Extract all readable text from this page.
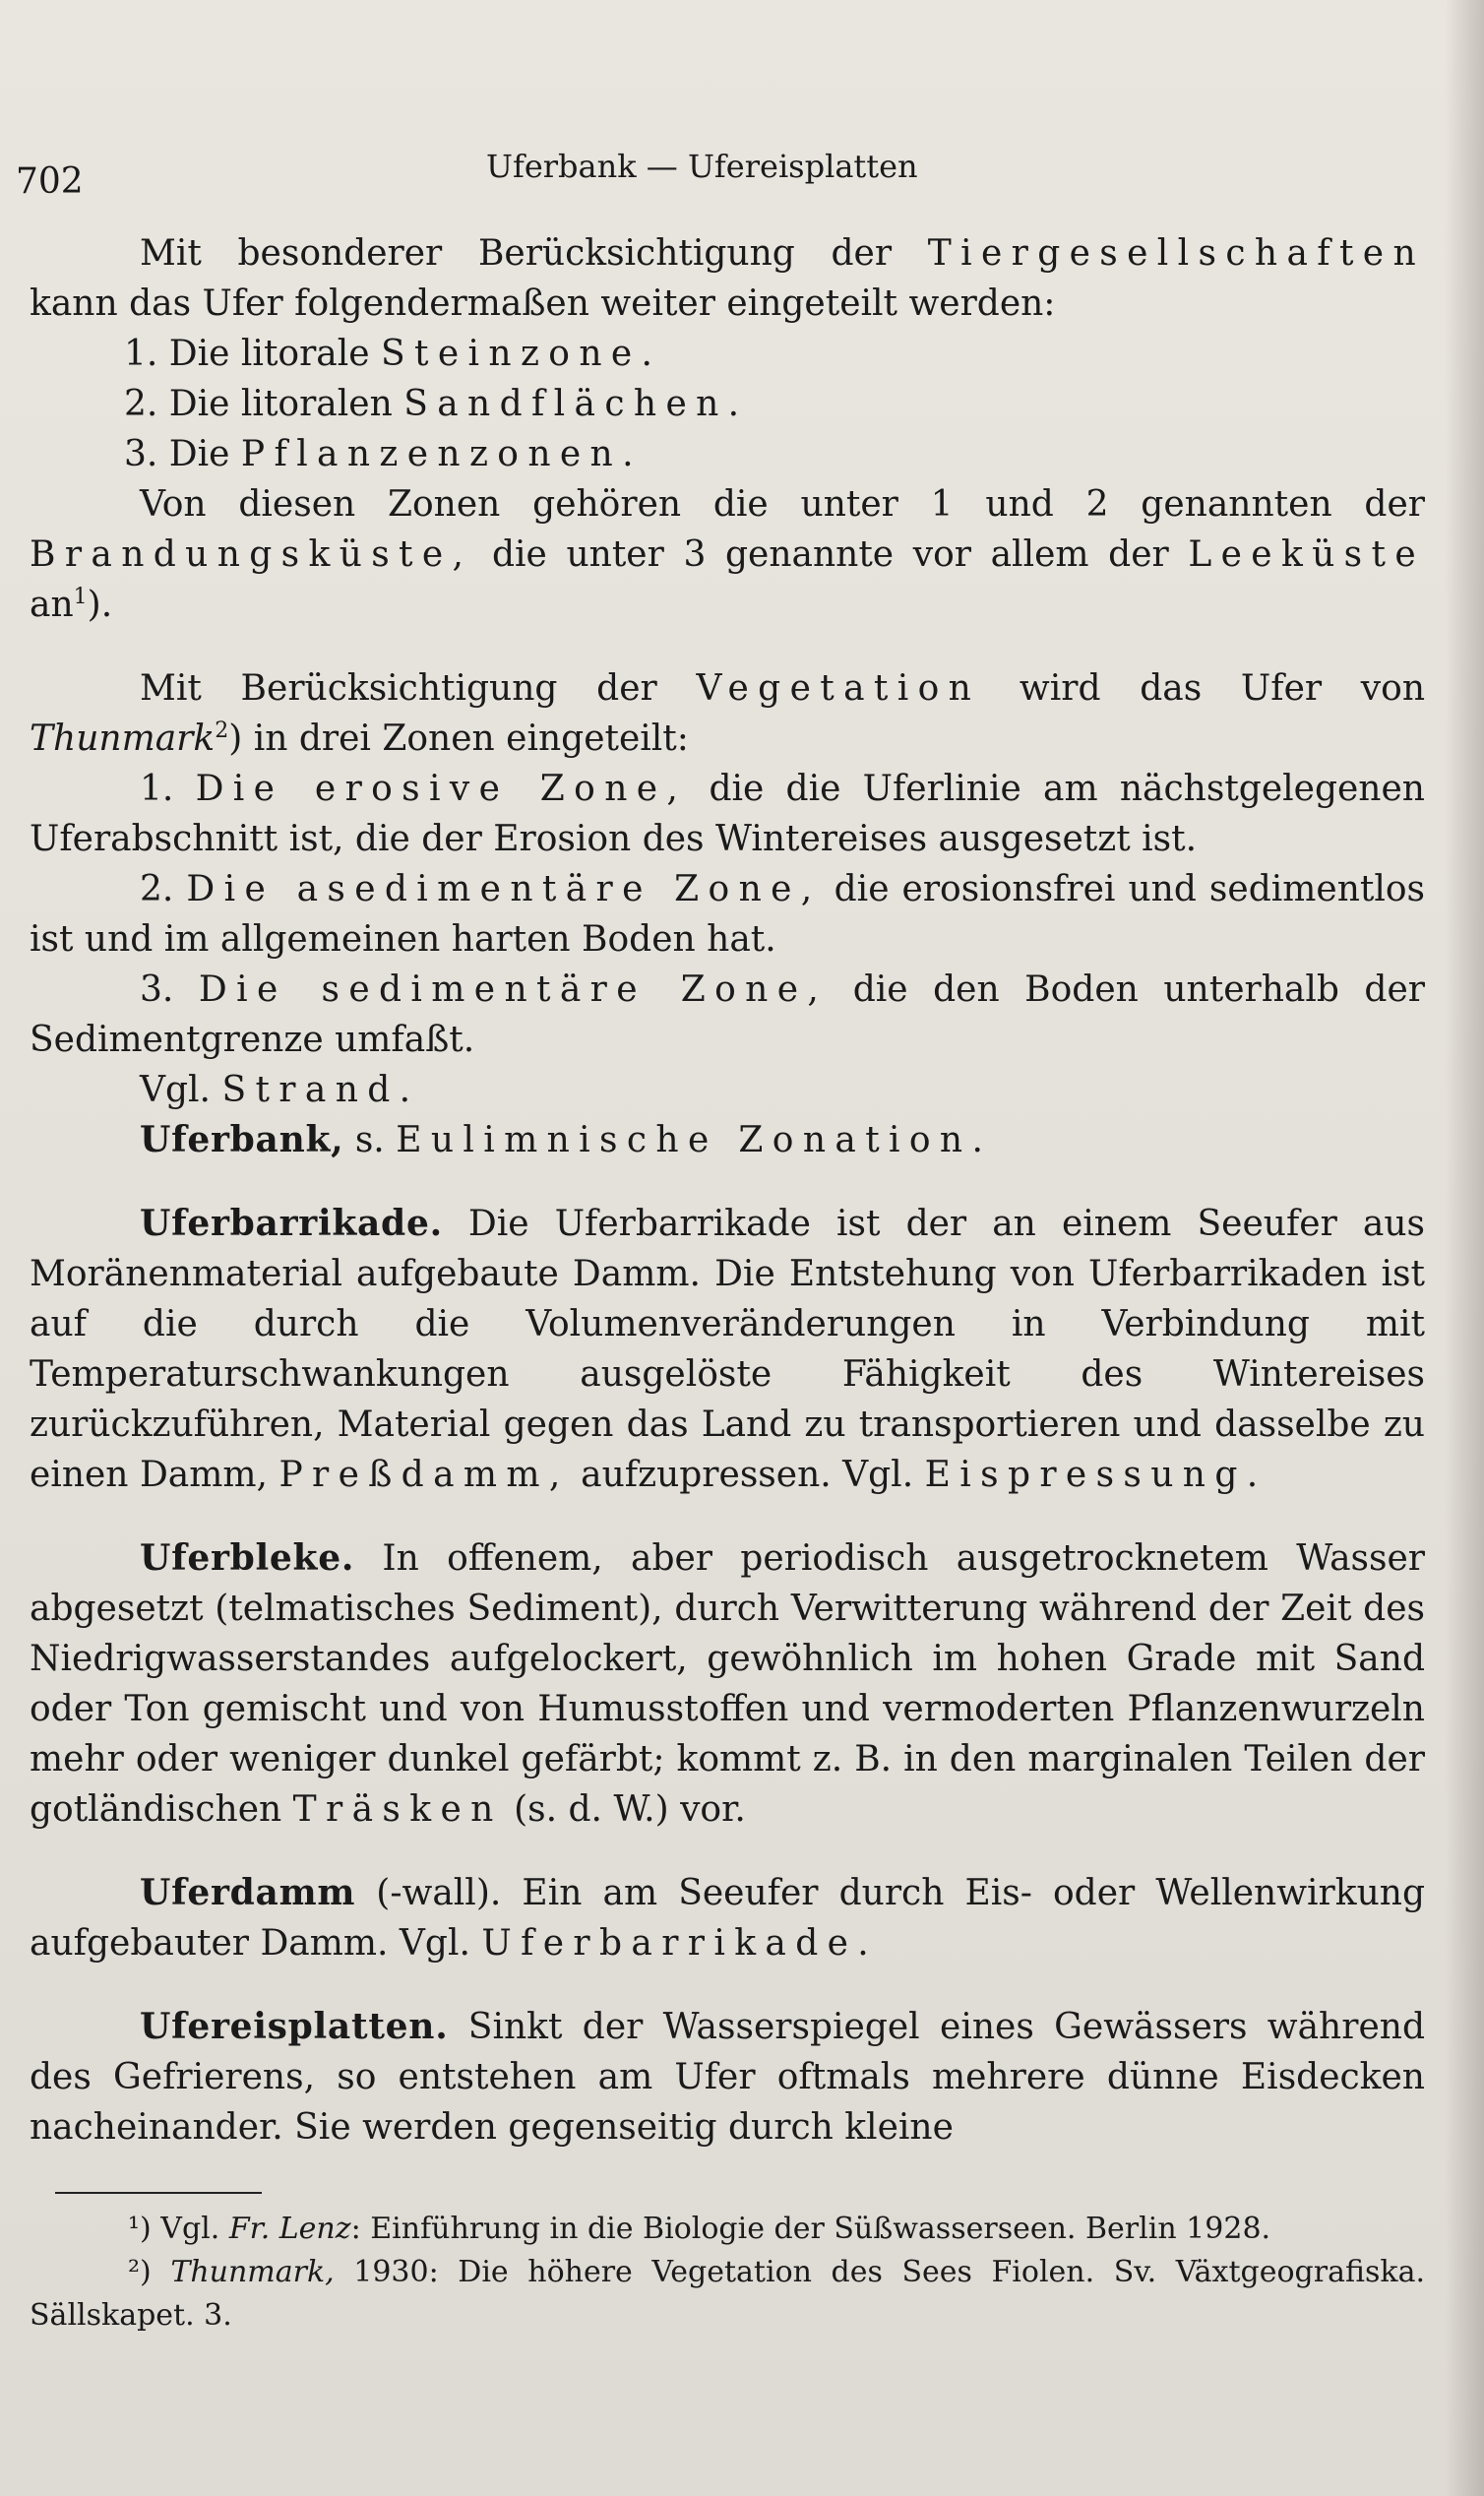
702	Uferbank — Ufereisplatten

Mit besonderer Berücksichtigung der Tiergesellschaften kann das Ufer folgendermaßen weiter eingeteilt werden:

1. Die litorale Steinzone.

2. Die litoralen Sandflächen.

3. Die Pflanzenzonen.

Von diesen Zonen gehören die unter 1 und 2 genannten der Brandungsküste, die unter 3 genannte vor allem der Leeküste $an^1$).

Mit Berücksichtigung der Vegetation wird das Ufer von Thunmark$^2$) in drei Zonen eingeteilt:

1. Die erosive Zone, die die Uferlinie am nächstgelegenen Uferabschnitt ist, die der Erosion des Wintereises ausgesetzt ist.

2. Die asedimentäre Zone, die erosionsfrei und sedimentlos ist und im allgemeinen harten Boden hat.

3. Die sedimentäre Zone, die den Boden unterhalb der Sedimentgrenze umfaßt.

Vgl. Strand.

Uferbank, s. Eulimnische Zonation.

Uferbarrikade. Die Uferbarrikade ist der an einem Seeufer aus Moränenmaterial aufgebaute Damm. Die Entstehung von Uferbarrikaden ist auf die durch die Volumenveränderungen in Verbindung mit Temperaturschwankungen ausgelöste Fähigkeit des Wintereises zurückzuführen, Material gegen das Land zu transportieren und dasselbe zu einen Damm, Preßdamm, aufzupressen. Vgl. Eispressung.

Uferbleke. In offenem, aber periodisch ausgetrocknetem Wasser abgesetzt (telmatisches Sediment), durch Verwitterung während der Zeit des Niedrigwasserstandes aufgelockert, gewöhnlich im hohen Grade mit Sand oder Ton gemischt und von Humusstoffen und vermoderten Pflanzenwurzeln mehr oder weniger dunkel gefärbt; kommt z. B. in den marginalen Teilen der gotländischen Träsken (s. d. W.) vor.

Uferdamm (-wall). Ein am Seeufer durch Eis- oder Wellenwirkung aufgebauter Damm. Vgl. Uferbarrikade.

Ufereisplatten. Sinkt der Wasserspiegel eines Gewässers während des Gefrierens, so entstehen am Ufer oftmals mehrere dünne Eisdecken nacheinander. Sie werden gegenseitig durch kleine

¹) Vgl. Fr. Lenz: Einführung in die Biologie der Süßwasserseen. Berlin 1928.

²) Thunmark, 1930: Die höhere Vegetation des Sees Fiolen. Sv. Växtgeografiska. Sällskapet. 3.
